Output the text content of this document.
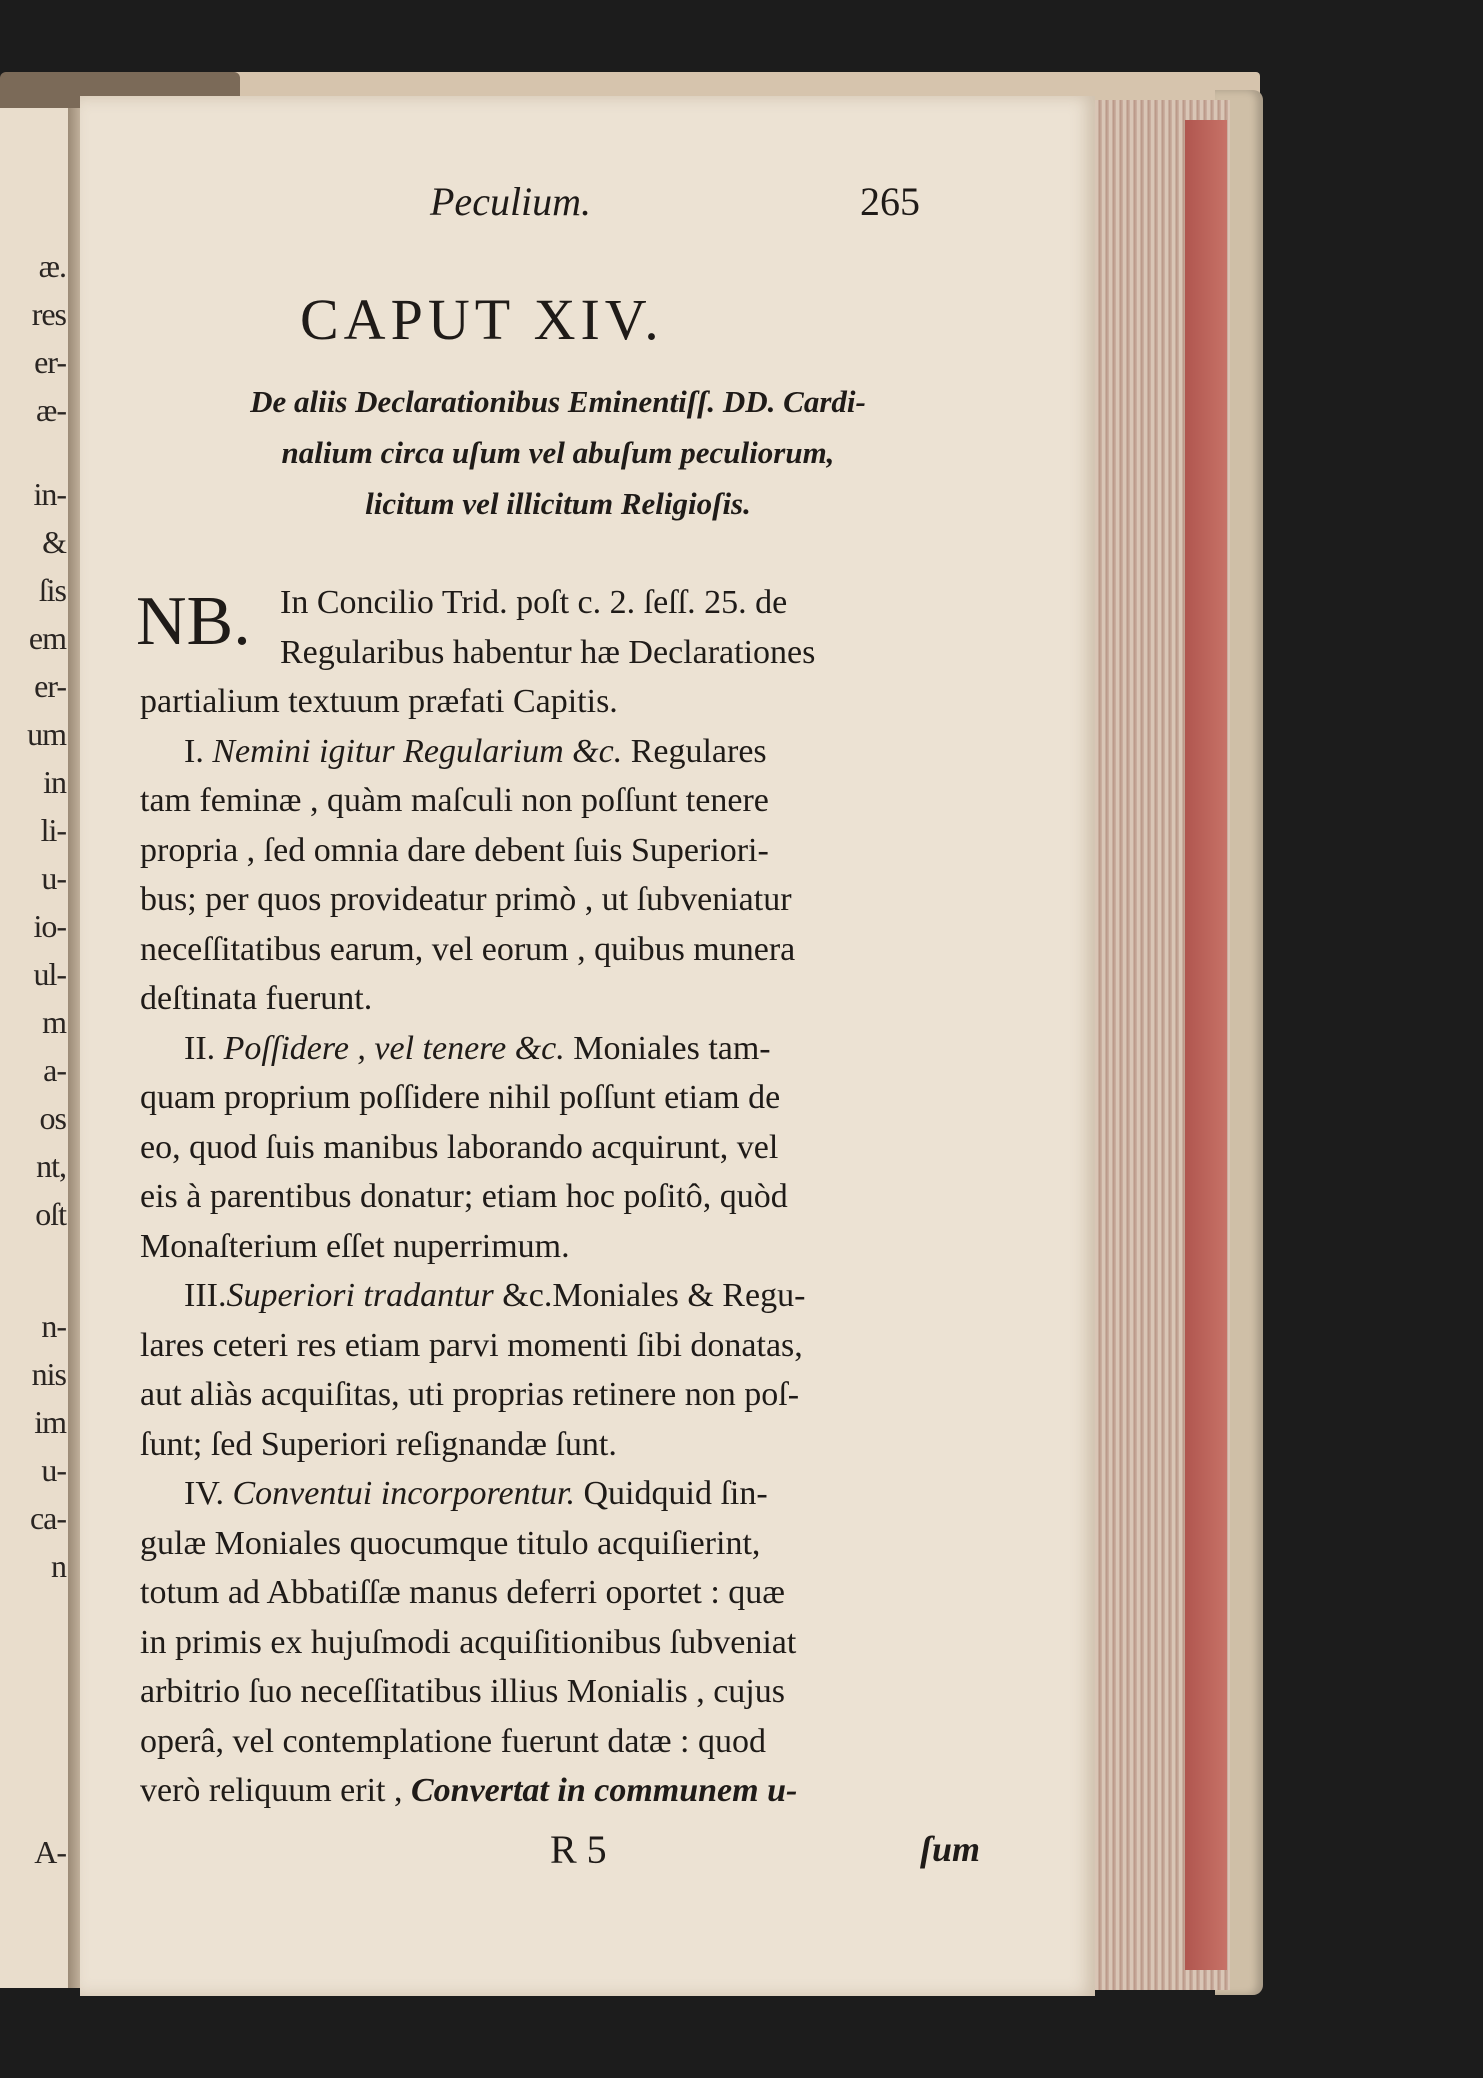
æ.
res
er-
æ-
in-
&
ſis
em
er-
um
in
li-
u-
io-
ul-
m
a-
os
nt,
oſt
n-
nis
im
u-
ca-
n
A-
Peculium.	265
CAPUT XIV.
De aliis Declarationibus Eminentiſſ. DD. Cardi-
nalium circa uſum vel abuſum peculiorum,
licitum vel illicitum Religioſis.
NB. In Concilio Trid. poſt c. 2. ſeſſ. 25. de
Regularibus habentur hæ Declarationes
partialium textuum præfati Capitis.
I. Nemini igitur Regularium &c. Regulares
tam feminæ , quàm maſculi non poſſunt tenere
propria , ſed omnia dare debent ſuis Superiori-
bus; per quos provideatur primò , ut ſubveniatur
neceſſitatibus earum, vel eorum , quibus munera
deſtinata fuerunt.
II. Poſſidere , vel tenere &c. Moniales tam-
quam proprium poſſidere nihil poſſunt etiam de
eo, quod ſuis manibus laborando acquirunt, vel
eis à parentibus donatur; etiam hoc poſitô, quòd
Monaſterium eſſet nuperrimum.
III.Superiori tradantur &c.Moniales & Regu-
lares ceteri res etiam parvi momenti ſibi donatas,
aut aliàs acquiſitas, uti proprias retinere non poſ-
ſunt; ſed Superiori reſignandæ ſunt.
IV. Conventui incorporentur. Quidquid ſin-
gulæ Moniales quocumque titulo acquiſierint,
totum ad Abbatiſſæ manus deferri oportet : quæ
in primis ex hujuſmodi acquiſitionibus ſubveniat
arbitrio ſuo neceſſitatibus illius Monialis , cujus
operâ, vel contemplatione fuerunt datæ : quod
verò reliquum erit , Convertat in communem u-
R 5	ſum
